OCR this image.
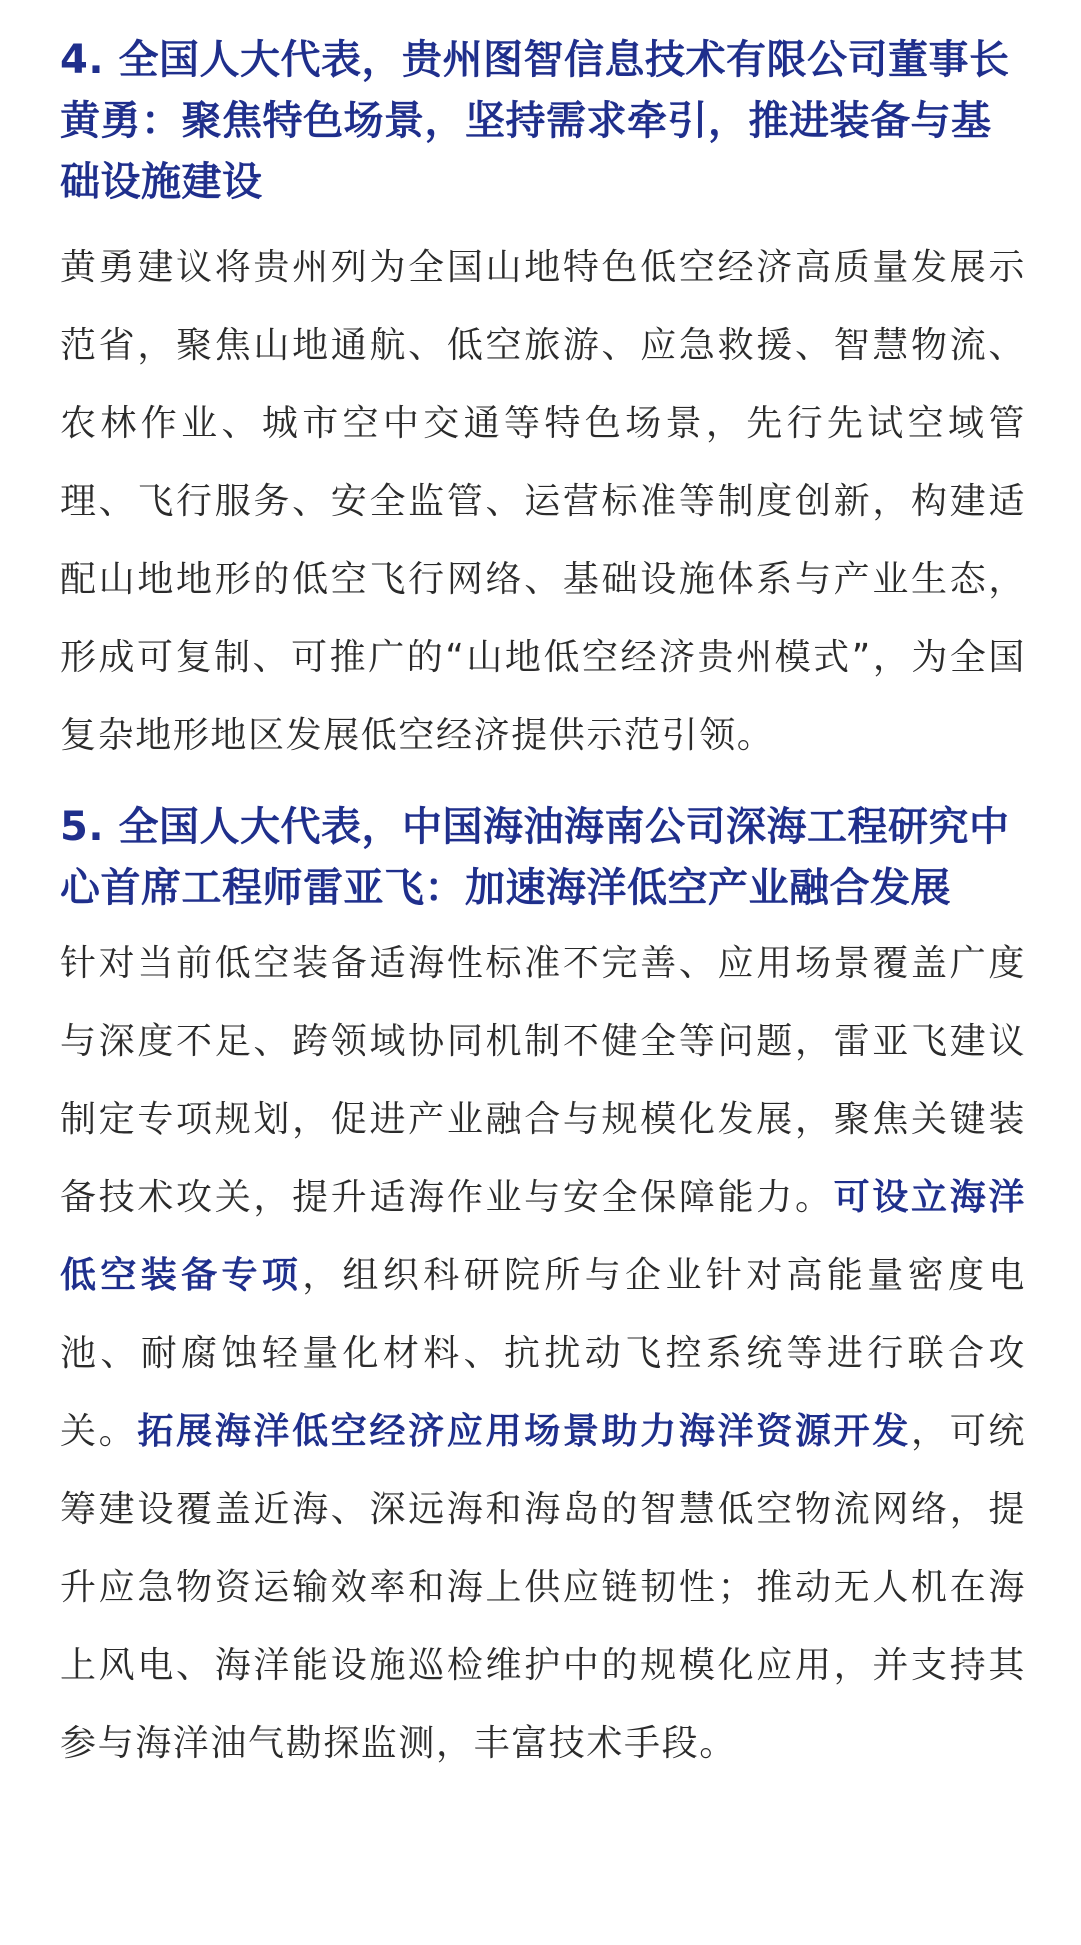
4. 全国人大代表，贵州图智信息技术有限公司董事长黄勇：聚焦特色场景，坚持需求牵引，推进装备与基础设施建设

黄勇建议将贵州列为全国山地特色低空经济高质量发展示范省，聚焦山地通航、低空旅游、应急救援、智慧物流、农林作业、城市空中交通等特色场景，先行先试空域管理、飞行服务、安全监管、运营标准等制度创新，构建适配山地地形的低空飞行网络、基础设施体系与产业生态，形成可复制、可推广的“山地低空经济贵州模式”，为全国复杂地形地区发展低空经济提供示范引领。

5. 全国人大代表，中国海油海南公司深海工程研究中心首席工程师雷亚飞：加速海洋低空产业融合发展

针对当前低空装备适海性标准不完善、应用场景覆盖广度与深度不足、跨领域协同机制不健全等问题，雷亚飞建议制定专项规划，促进产业融合与规模化发展，聚焦关键装备技术攻关，提升适海作业与安全保障能力。可设立海洋低空装备专项，组织科研院所与企业针对高能量密度电池、耐腐蚀轻量化材料、抗扰动飞控系统等进行联合攻关。拓展海洋低空经济应用场景助力海洋资源开发，可统筹建设覆盖近海、深远海和海岛的智慧低空物流网络，提升应急物资运输效率和海上供应链韧性；推动无人机在海上风电、海洋能设施巡检维护中的规模化应用，并支持其参与海洋油气勘探监测，丰富技术手段。
